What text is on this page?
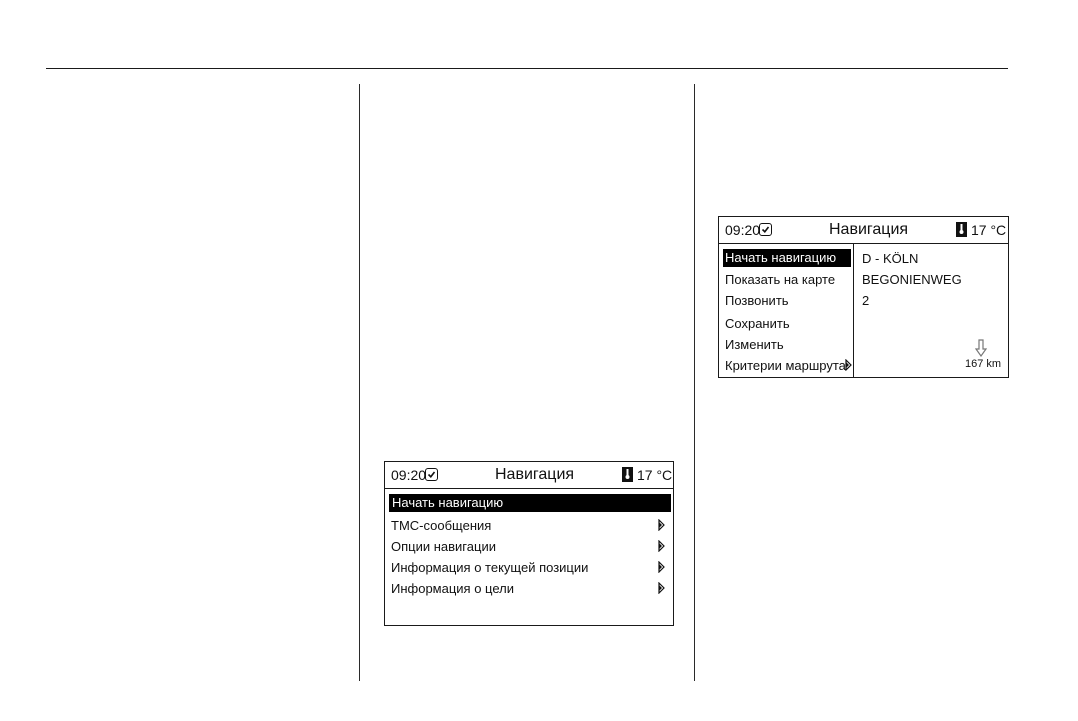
09:20	Навигация	17 °C
Начать навигацию
TMC-сообщения
Опции навигации
Информация о текущей позиции
Информация о цели
09:20	Навигация	17 °C
Начать навигацию
Показать на карте
Позвонить
Сохранить
Изменить
Критерии маршрута
D - KÖLN
BEGONIENWEG
2
167 km
